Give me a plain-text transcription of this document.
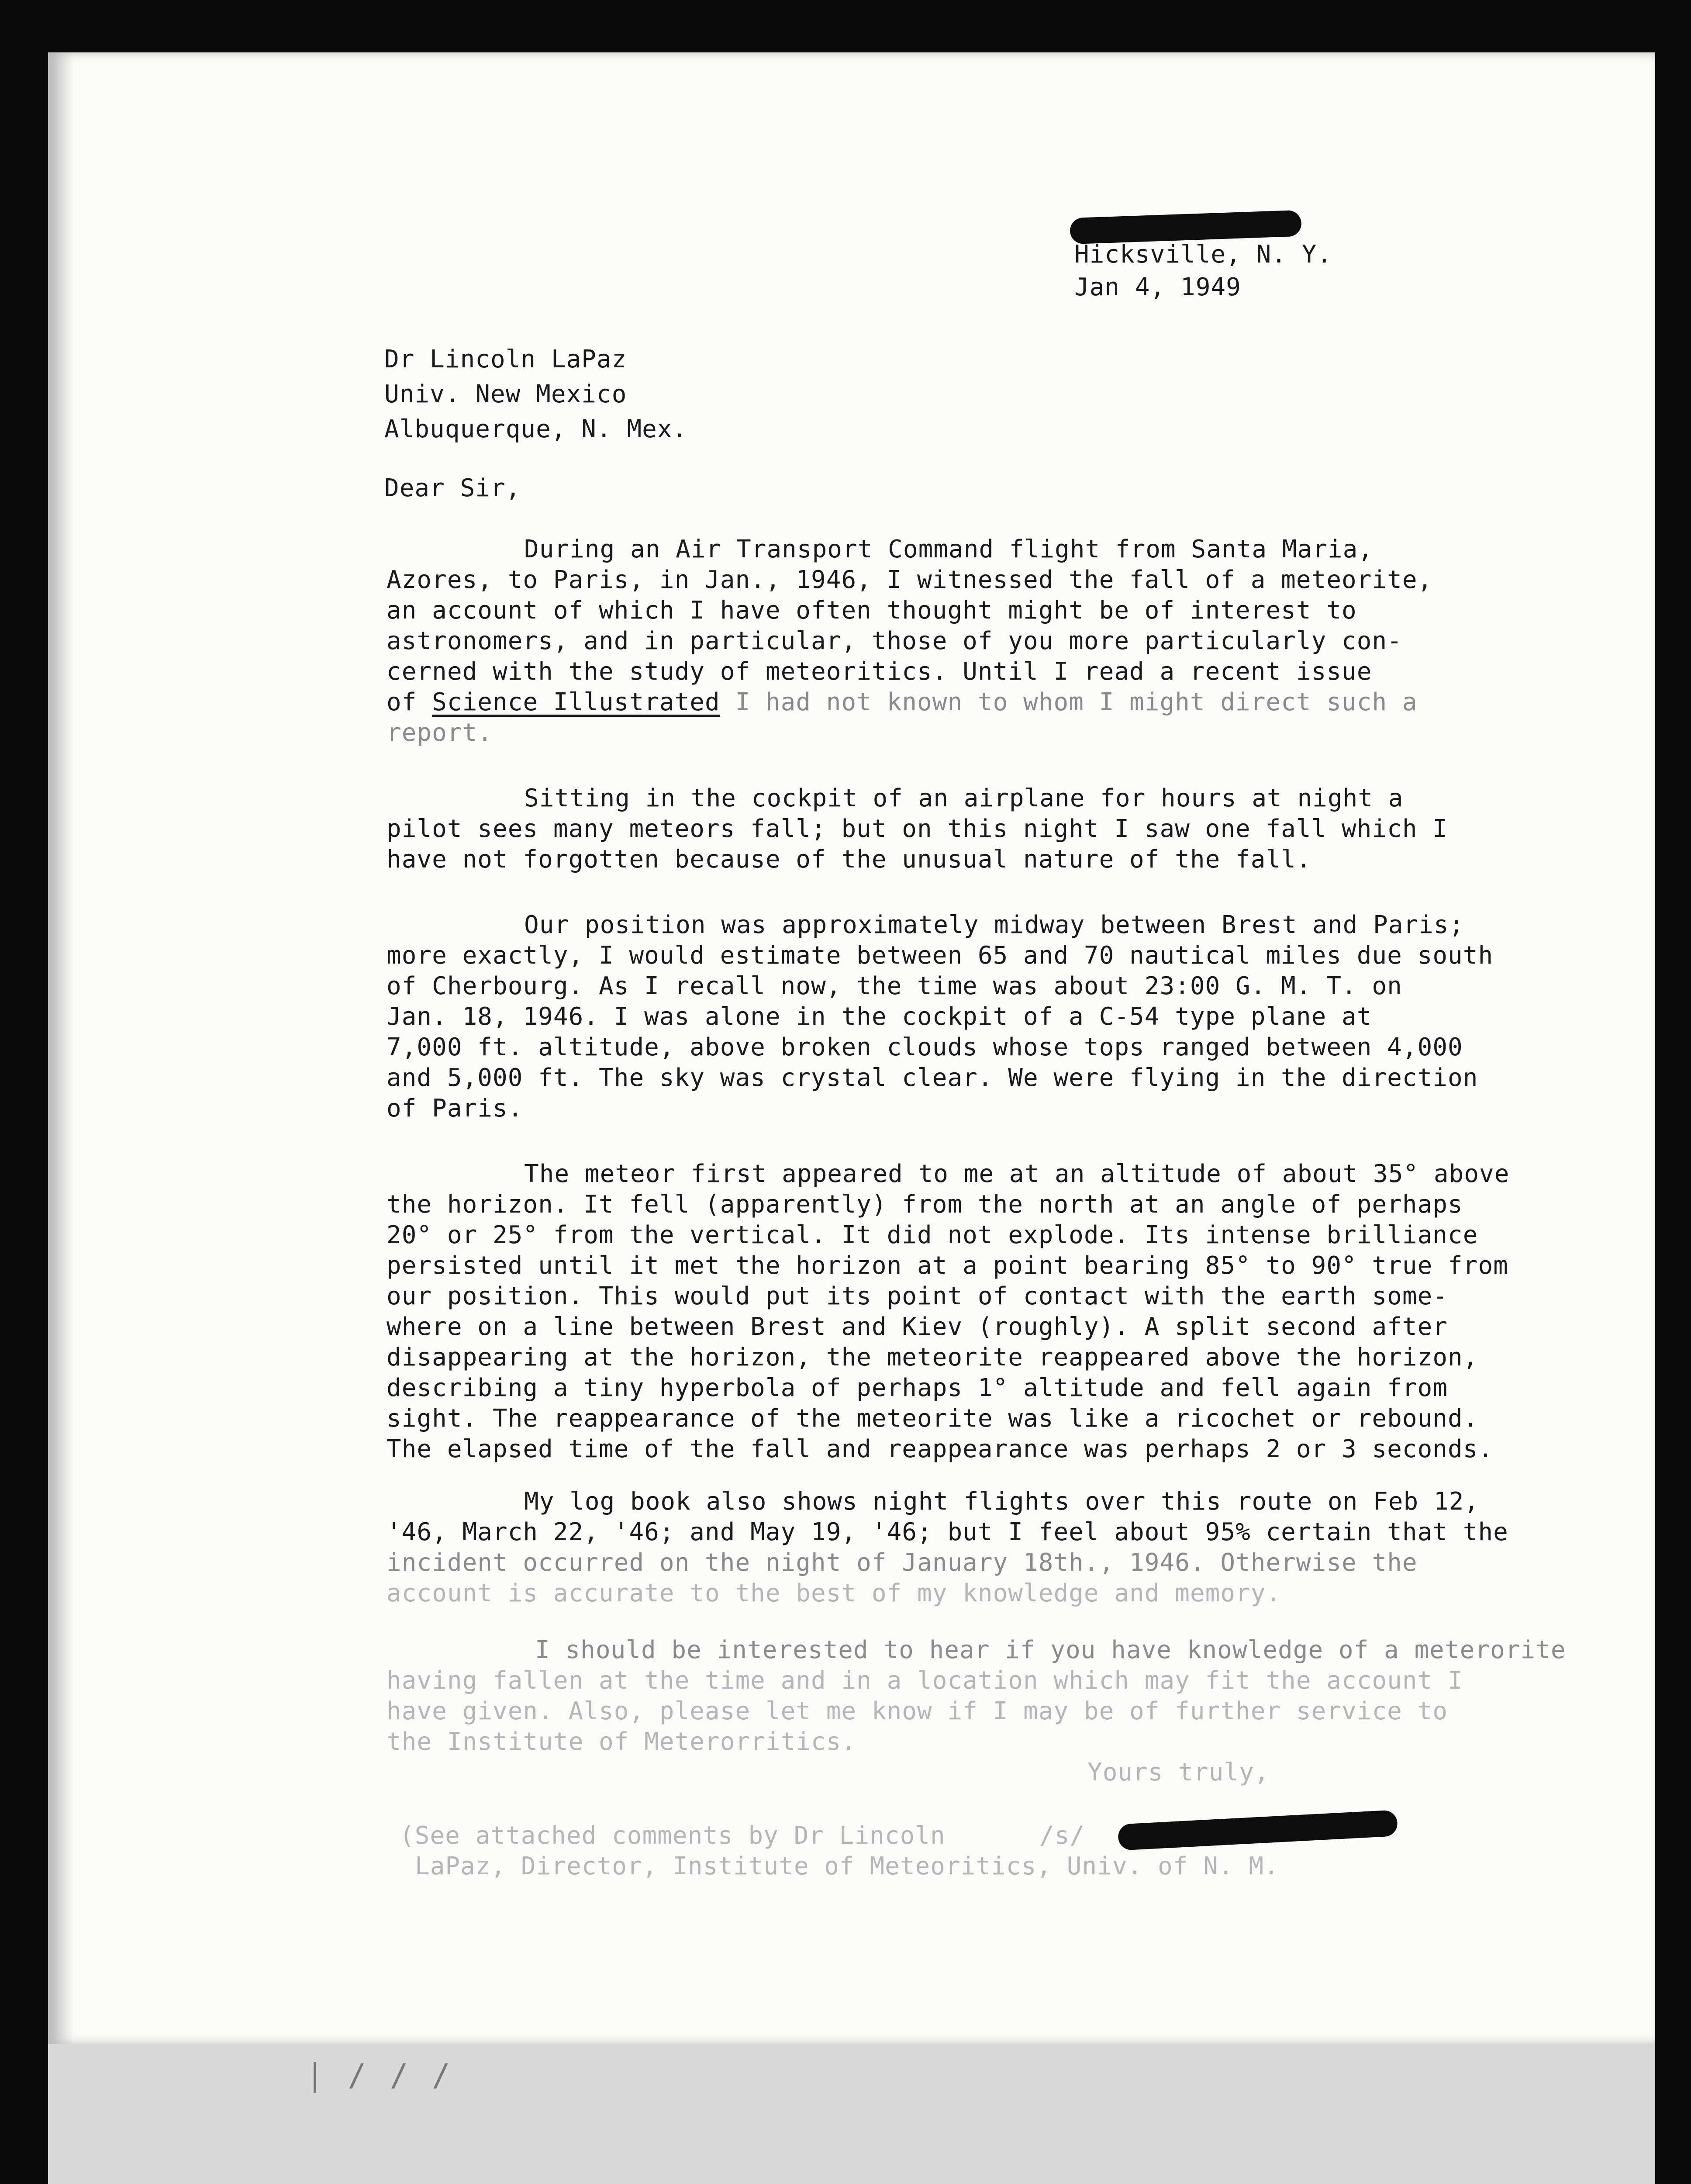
Hicksville, N. Y.
Jan 4, 1949
Dr Lincoln LaPaz
Univ. New Mexico
Albuquerque, N. Mex.
Dear Sir,
During an Air Transport Command flight from Santa Maria,
Azores, to Paris, in Jan., 1946, I witnessed the fall of a meteorite,
an account of which I have often thought might be of interest to
astronomers, and in particular, those of you more particularly con-
cerned with the study of meteoritics. Until I read a recent issue
of Science Illustrated I had not known to whom I might direct such a
report.
Sitting in the cockpit of an airplane for hours at night a
pilot sees many meteors fall; but on this night I saw one fall which I
have not forgotten because of the unusual nature of the fall.
Our position was approximately midway between Brest and Paris;
more exactly, I would estimate between 65 and 70 nautical miles due south
of Cherbourg. As I recall now, the time was about 23:00 G. M. T. on
Jan. 18, 1946. I was alone in the cockpit of a C-54 type plane at
7,000 ft. altitude, above broken clouds whose tops ranged between 4,000
and 5,000 ft. The sky was crystal clear. We were flying in the direction
of Paris.
The meteor first appeared to me at an altitude of about 35° above
the horizon. It fell (apparently) from the north at an angle of perhaps
20° or 25° from the vertical. It did not explode. Its intense brilliance
persisted until it met the horizon at a point bearing 85° to 90° true from
our position. This would put its point of contact with the earth some-
where on a line between Brest and Kiev (roughly). A split second after
disappearing at the horizon, the meteorite reappeared above the horizon,
describing a tiny hyperbola of perhaps 1° altitude and fell again from
sight. The reappearance of the meteorite was like a ricochet or rebound.
The elapsed time of the fall and reappearance was perhaps 2 or 3 seconds.
My log book also shows night flights over this route on Feb 12,
'46, March 22, '46; and May 19, '46; but I feel about 95% certain that the
incident occurred on the night of January 18th., 1946. Otherwise the
account is accurate to the best of my knowledge and memory.
I should be interested to hear if you have knowledge of a meterorite
having fallen at the time and in a location which may fit the account I
have given. Also, please let me know if I may be of further service to
the Institute of Meterorritics.
Yours truly,
(See attached comments by Dr Lincoln	/s/
LaPaz, Director, Institute of Meteoritics, Univ. of N. M.
| / / /
